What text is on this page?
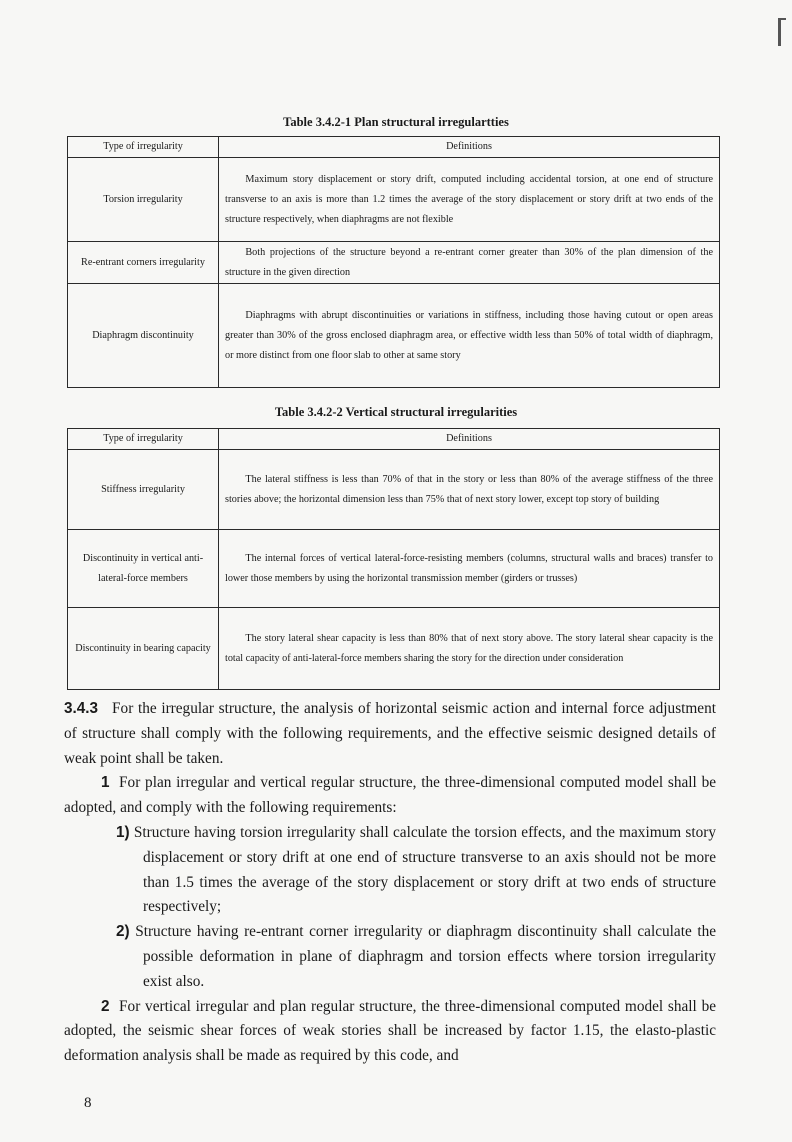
Table 3.4.2-1 Plan structural irregulartties
Type of irregularity	Definitions
Torsion irregularity	Maximum story displacement or story drift, computed including accidental torsion, at one end of structure transverse to an axis is more than 1.2 times the average of the story displacement or story drift at two ends of the structure respectively, when diaphragms are not flexible

Re-entrant corners irregularity	Both projections of the structure beyond a re-entrant corner greater than 30% of the plan dimension of the structure in the given direction

Diaphragm discontinuity	Diaphragms with abrupt discontinuities or variations in stiffness, including those having cutout or open areas greater than 30% of the gross enclosed diaphragm area, or effective width less than 50% of total width of diaphragm, or more distinct from one floor slab to other at same story
Table 3.4.2-2 Vertical structural irregularities
Type of irregularity	Definitions
Stiffness irregularity	The lateral stiffness is less than 70% of that in the story or less than 80% of the average stiffness of the three stories above; the horizontal dimension less than 75% that of next story lower, except top story of building

Discontinuity in vertical anti-lateral-force members	The internal forces of vertical lateral-force-resisting members (columns, structural walls and braces) transfer to lower those members by using the horizontal transmission member (girders or trusses)

Discontinuity in bearing capacity	The story lateral shear capacity is less than 80% that of next story above. The story lateral shear capacity is the total capacity of anti-lateral-force members sharing the story for the direction under consideration

3.4.3 For the irregular structure, the analysis of horizontal seismic action and internal force adjustment of structure shall comply with the following requirements, and the effective seismic designed details of weak point shall be taken.

1 For plan irregular and vertical regular structure, the three-dimensional computed model shall be adopted, and comply with the following requirements:

1) Structure having torsion irregularity shall calculate the torsion effects, and the maximum story displacement or story drift at one end of structure transverse to an axis should not be more than 1.5 times the average of the story displacement or story drift at two ends of structure respectively;

2) Structure having re-entrant corner irregularity or diaphragm discontinuity shall calculate the possible deformation in plane of diaphragm and torsion effects where torsion irregularity exist also.

2 For vertical irregular and plan regular structure, the three-dimensional computed model shall be adopted, the seismic shear forces of weak stories shall be increased by factor 1.15, the elasto-plastic deformation analysis shall be made as required by this code, and

8
